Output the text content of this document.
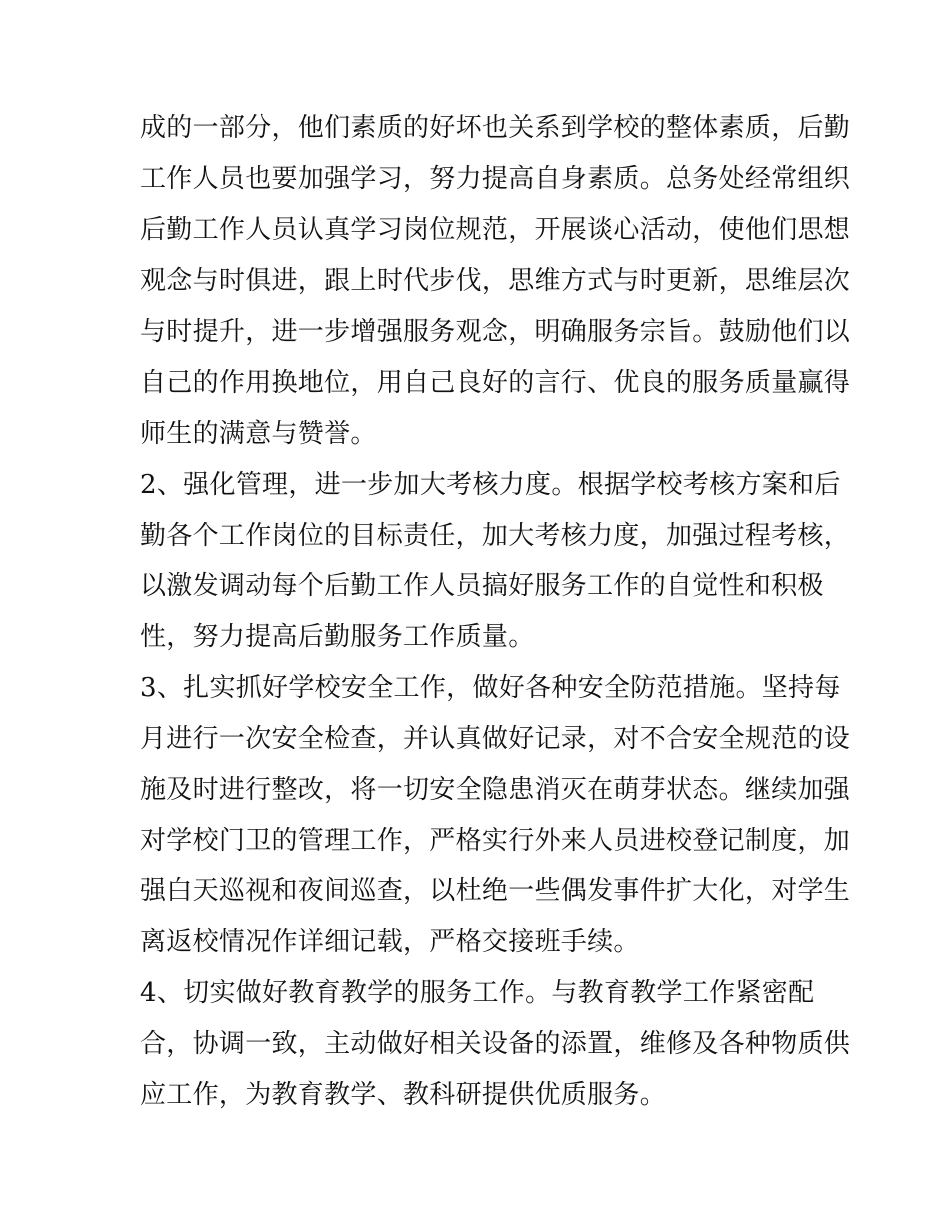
成的一部分，他们素质的好坏也关系到学校的整体素质，后勤
工作人员也要加强学习，努力提高自身素质。总务处经常组织
后勤工作人员认真学习岗位规范，开展谈心活动，使他们思想
观念与时俱进，跟上时代步伐，思维方式与时更新，思维层次
与时提升，进一步增强服务观念，明确服务宗旨。鼓励他们以
自己的作用换地位，用自己良好的言行、优良的服务质量赢得
师生的满意与赞誉。
2、强化管理，进一步加大考核力度。根据学校考核方案和后
勤各个工作岗位的目标责任，加大考核力度，加强过程考核，
以激发调动每个后勤工作人员搞好服务工作的自觉性和积极
性，努力提高后勤服务工作质量。
3、扎实抓好学校安全工作，做好各种安全防范措施。坚持每
月进行一次安全检查，并认真做好记录，对不合安全规范的设
施及时进行整改，将一切安全隐患消灭在萌芽状态。继续加强
对学校门卫的管理工作，严格实行外来人员进校登记制度，加
强白天巡视和夜间巡查，以杜绝一些偶发事件扩大化，对学生
离返校情况作详细记载，严格交接班手续。
4、切实做好教育教学的服务工作。与教育教学工作紧密配
合，协调一致，主动做好相关设备的添置，维修及各种物质供
应工作，为教育教学、教科研提供优质服务。
